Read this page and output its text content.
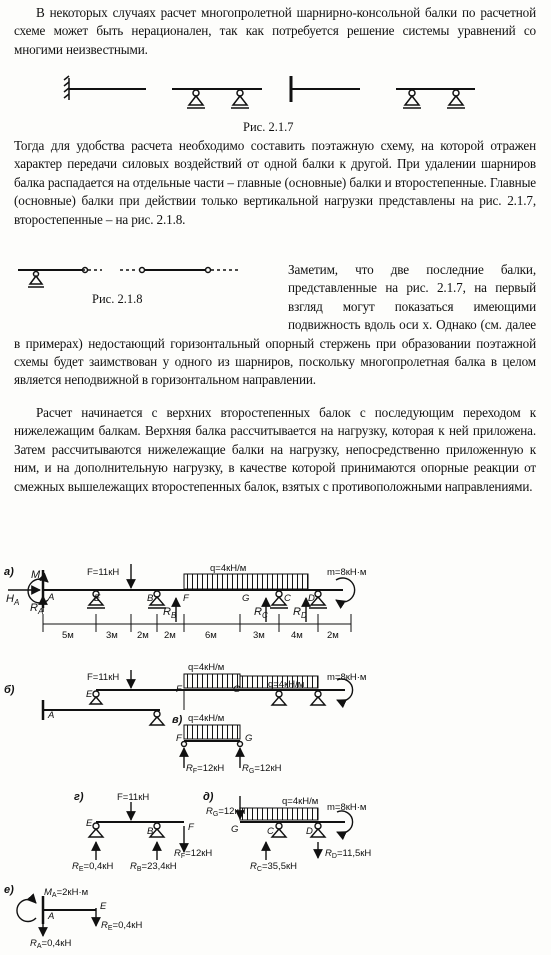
В некоторых случаях расчет многопролетной шарнирно-консольной балки по расчетной схеме может быть нерационален, так как потребуется решение системы уравнений со многими неизвестными.

Рис. 2.1.7

Тогда для удобства расчета необходимо составить поэтажную схему, на которой отражен характер передачи силовых воздействий от одной балки к другой. При удалении шарниров балка распадается на отдельные части – главные (основные) балки и второстепенные. Главные (основные) балки при действии только вертикальной нагрузки представлены на рис. 2.1.7, второстепенные – на рис. 2.1.8.

Рис. 2.1.8
Заметим, что две последние балки, представленные на рис. 2.1.7, на первый взгляд могут показаться имеющими подвижность вдоль оси x. Однако (см. далее в примерах) недостающий горизонтальный опорный стержень при образовании поэтажной схемы будет заимствован у одного из шарниров, поскольку многопролетная балка в целом является неподвижной в горизонтальном направлении.

Расчет начинается с верхних второстепенных балок с последующим переходом к нижележащим балкам. Верхняя балка рассчитывается на нагрузку, которая к ней приложена. Затем рассчитываются нижележащие балки на нагрузку, непосредственно приложенную к ним, и на дополнительную нагрузку, в качестве которой принимаются опорные реакции от смежных вышележащих второстепенных балок, взятых с противоположными направлениями.

а)
б)
в)
г)	д)
е)
F=11кН	q=4кН/м	m=8кН·м
$M_A$
$H_A$ $R_A$
A	E	B	F	G	C D
$R_B$	$R_C$ $R_D$
5м	3м 2м 2м	6м	3м	4м	2м
F=11кН
q=4кН/м
q=4кН/м
m=8кН·м
A
E	F	G
q=4кН/м
F	G
$R_F=12кН$ $R_G=12кН$
F=11кН
E
B	F
$R_E=0,4кН$ $R_B=23,4кН$
$R_F=12кН$
$R_G=12кН$
q=4кН/м
m=8кН·м
G	C	D
$R_C=35,5кН$
$R_D=11,5кН$
$M_A=2кН\cdot м$
A
E
$R_E=0,4кН$
$R_A=0,4кН$
